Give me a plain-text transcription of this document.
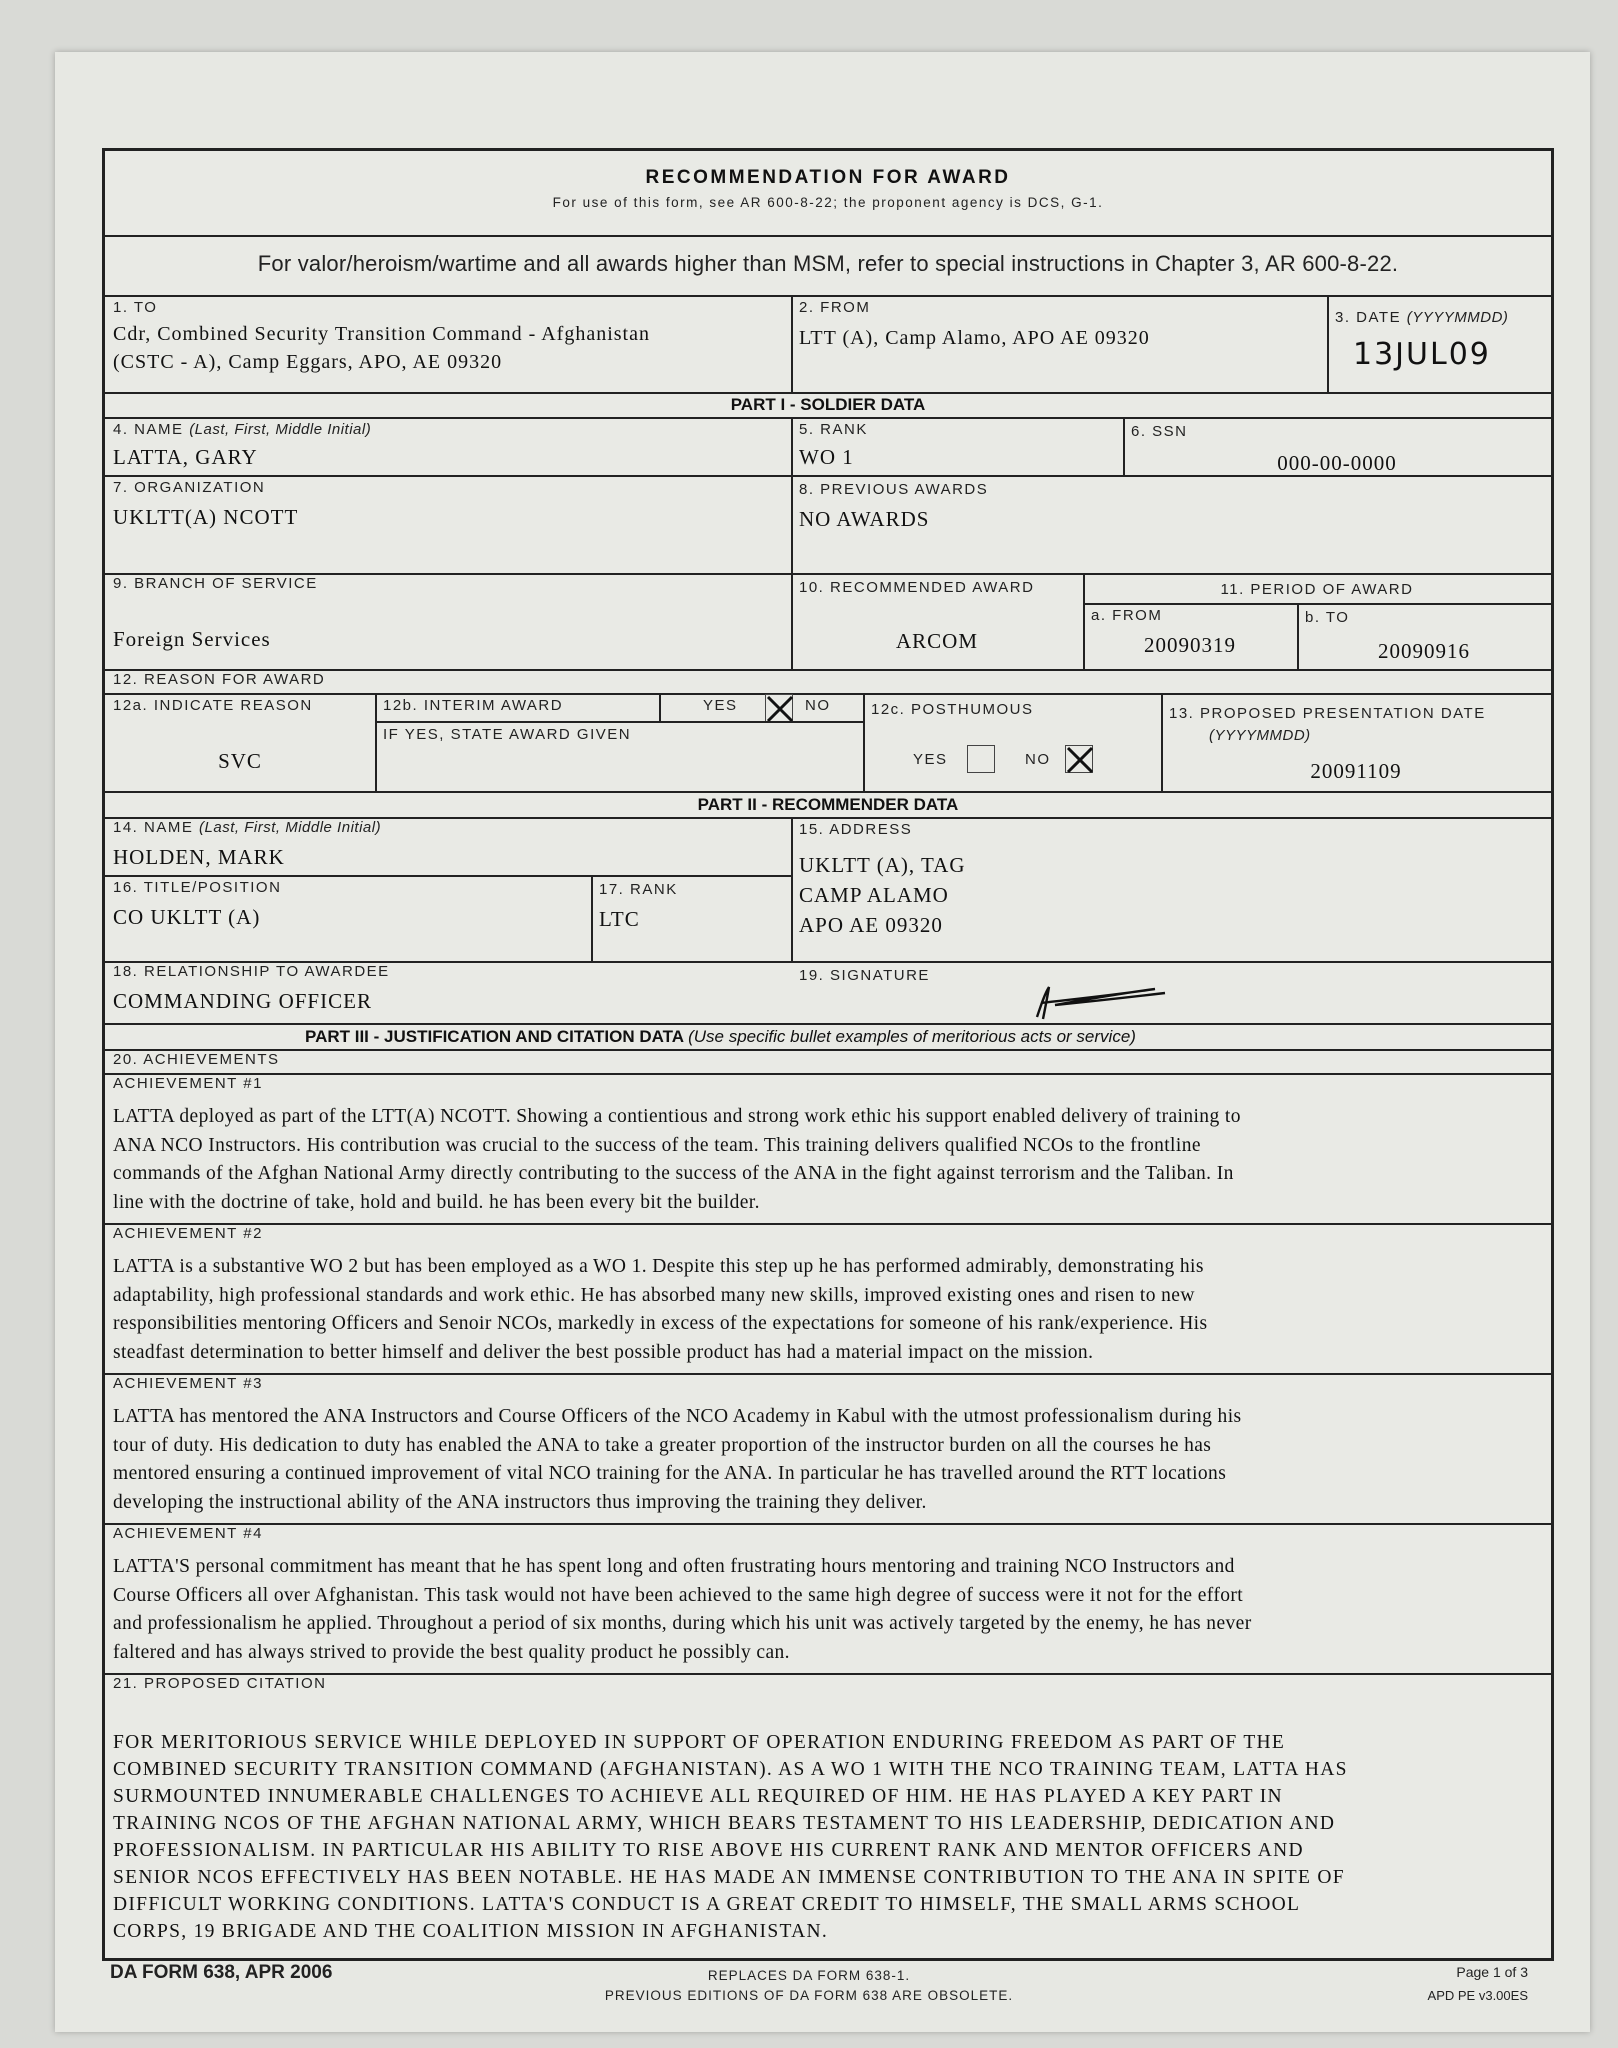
RECOMMENDATION FOR AWARD
For use of this form, see AR 600-8-22; the proponent agency is DCS, G-1.
For valor/heroism/wartime and all awards higher than MSM, refer to special instructions in Chapter 3, AR 600-8-22.
1. TO
Cdr, Combined Security Transition Command - Afghanistan
(CSTC - A), Camp Eggars, APO, AE 09320
2. FROM
LTT (A), Camp Alamo, APO AE 09320
3. DATE (YYYYMMDD)
13JUL09
PART I - SOLDIER DATA
4. NAME (Last, First, Middle Initial)
LATTA, GARY
5. RANK
WO 1
6. SSN
000-00-0000
7. ORGANIZATION
UKLTT(A) NCOTT
8. PREVIOUS AWARDS
NO AWARDS
9. BRANCH OF SERVICE
Foreign Services
10. RECOMMENDED AWARD
ARCOM
11. PERIOD OF AWARD
a. FROM
20090319
b. TO
20090916
12. REASON FOR AWARD
12a. INDICATE REASON
SVC
12b. INTERIM AWARD	YES	NO
IF YES, STATE AWARD GIVEN
12c. POSTHUMOUS
YES	NO
13. PROPOSED PRESENTATION DATE
(YYYYMMDD)
20091109
PART II - RECOMMENDER DATA
14. NAME (Last, First, Middle Initial)
HOLDEN, MARK
15. ADDRESS
UKLTT (A), TAG
CAMP ALAMO
APO AE 09320
16. TITLE/POSITION
CO UKLTT (A)
17. RANK
LTC
18. RELATIONSHIP TO AWARDEE
COMMANDING OFFICER
19. SIGNATURE
PART III - JUSTIFICATION AND CITATION DATA (Use specific bullet examples of meritorious acts or service)
20. ACHIEVEMENTS
ACHIEVEMENT #1
LATTA deployed as part of the LTT(A) NCOTT. Showing a contientious and strong work ethic his support enabled delivery of training to
ANA NCO Instructors. His contribution was crucial to the success of the team. This training delivers qualified NCOs to the frontline
commands of the Afghan National Army directly contributing to the success of the ANA in the fight against terrorism and the Taliban. In
line with the doctrine of take, hold and build. he has been every bit the builder.
ACHIEVEMENT #2
LATTA is a substantive WO 2 but has been employed as a WO 1. Despite this step up he has performed admirably, demonstrating his
adaptability, high professional standards and work ethic. He has absorbed many new skills, improved existing ones and risen to new
responsibilities mentoring Officers and Senoir NCOs, markedly in excess of the expectations for someone of his rank/experience. His
steadfast determination to better himself and deliver the best possible product has had a material impact on the mission.
ACHIEVEMENT #3
LATTA has mentored the ANA Instructors and Course Officers of the NCO Academy in Kabul with the utmost professionalism during his
tour of duty. His dedication to duty has enabled the ANA to take a greater proportion of the instructor burden on all the courses he has
mentored ensuring a continued improvement of vital NCO training for the ANA. In particular he has travelled around the RTT locations
developing the instructional ability of the ANA instructors thus improving the training they deliver.
ACHIEVEMENT #4
LATTA'S personal commitment has meant that he has spent long and often frustrating hours mentoring and training NCO Instructors and
Course Officers all over Afghanistan. This task would not have been achieved to the same high degree of success were it not for the effort
and professionalism he applied. Throughout a period of six months, during which his unit was actively targeted by the enemy, he has never
faltered and has always strived to provide the best quality product he possibly can.
21. PROPOSED CITATION
FOR MERITORIOUS SERVICE WHILE DEPLOYED IN SUPPORT OF OPERATION ENDURING FREEDOM AS PART OF THE
COMBINED SECURITY TRANSITION COMMAND (AFGHANISTAN). AS A WO 1 WITH THE NCO TRAINING TEAM, LATTA HAS
SURMOUNTED INNUMERABLE CHALLENGES TO ACHIEVE ALL REQUIRED OF HIM. HE HAS PLAYED A KEY PART IN
TRAINING NCOS OF THE AFGHAN NATIONAL ARMY, WHICH BEARS TESTAMENT TO HIS LEADERSHIP, DEDICATION AND
PROFESSIONALISM. IN PARTICULAR HIS ABILITY TO RISE ABOVE HIS CURRENT RANK AND MENTOR OFFICERS AND
SENIOR NCOS EFFECTIVELY HAS BEEN NOTABLE. HE HAS MADE AN IMMENSE CONTRIBUTION TO THE ANA IN SPITE OF
DIFFICULT WORKING CONDITIONS. LATTA'S CONDUCT IS A GREAT CREDIT TO HIMSELF, THE SMALL ARMS SCHOOL
CORPS, 19 BRIGADE AND THE COALITION MISSION IN AFGHANISTAN.
DA FORM 638, APR 2006	REPLACES DA FORM 638-1.
PREVIOUS EDITIONS OF DA FORM 638 ARE OBSOLETE.
Page 1 of 3
APD PE v3.00ES
